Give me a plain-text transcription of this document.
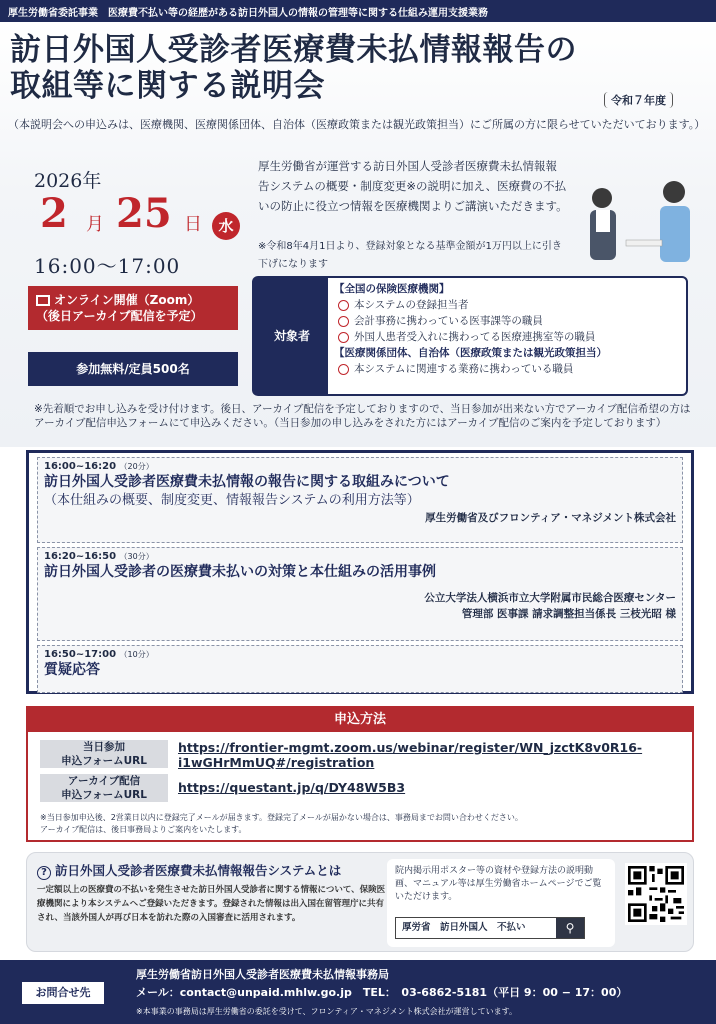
厚生労働省委託事業　医療費不払い等の経歴がある訪日外国人の情報の管理等に関する仕組み運用支援業務
訪日外国人受診者医療費未払情報報告の
取組等に関する説明会	令和７年度
（本説明会への申込みは、医療機関、医療関係団体、自治体（医療政策または観光政策担当）にご所属の方に限らせていただいております。）
2026年
2 月 25 日	水
16:00〜17:00
厚生労働省が運営する訪日外国人受診者医療費未払情報報告システムの概要・制度変更※の説明に加え、医療費の不払いの防止に役立つ情報を医療機関よりご講演いただきます。
※令和8年4月1日より、登録対象となる基準金額が1万円以上に引き下げになります
オンライン開催（Zoom）
（後日アーカイブ配信を予定）
参加無料/定員500名
対象者
【全国の保険医療機関】
本システムの登録担当者
会計事務に携わっている医事課等の職員
外国人患者受入れに携わってる医療連携室等の職員
【医療関係団体、自治体（医療政策または観光政策担当）
本システムに関連する業務に携わっている職員
※先着順でお申し込みを受け付けます。後日、アーカイブ配信を予定しておりますので、当日参加が出来ない方でアーカイブ配信希望の方はアーカイブ配信申込フォームにて申込みください。（当日参加の申し込みをされた方にはアーカイブ配信のご案内を予定しております）
16:00~16:20 （20分）
訪日外国人受診者医療費未払情報の報告に関する取組みについて
（本仕組みの概要、制度変更、情報報告システムの利用方法等）
厚生労働省及びフロンティア・マネジメント株式会社
16:20~16:50 （30分）
訪日外国人受診者の医療費未払いの対策と本仕組みの活用事例
公立大学法人横浜市立大学附属市民総合医療センター
管理部 医事課 請求調整担当係長 三枝光昭 様
16:50~17:00 （10分）
質疑応答
申込方法
当日参加
申込フォームURL
https://frontier-mgmt.zoom.us/webinar/register/WN_jzctK8v0R16-i1wGHrMmUQ#/registration
アーカイブ配信
申込フォームURL	https://questant.jp/q/DY48W5B3
※当日参加申込後、2営業日以内に登録完了メールが届きます。登録完了メールが届かない場合は、事務局までお問い合わせください。
アーカイブ配信は、後日事務局よりご案内をいたします。
? 訪日外国人受診者医療費未払情報報告システムとは
一定額以上の医療費の不払いを発生させた訪日外国人受診者に関する情報について、保険医療機関により本システムへご登録いただきます。登録された情報は出入国在留管理庁に共有され、当該外国人が再び日本を訪れた際の入国審査に活用されます。
院内掲示用ポスター等の資材や登録方法の説明動画、マニュアル等は厚生労働省ホームページでご覧いただけます。
厚労省　訪日外国人　不払い	⚲
お問合せ先
厚生労働省訪日外国人受診者医療費未払情報事務局
メール：contact@unpaid.mhlw.go.jp　TEL：　03-6862-5181（平日 9：00 − 17：00）
※本事業の事務局は厚生労働省の委託を受けて、フロンティア・マネジメント株式会社が運営しています。
